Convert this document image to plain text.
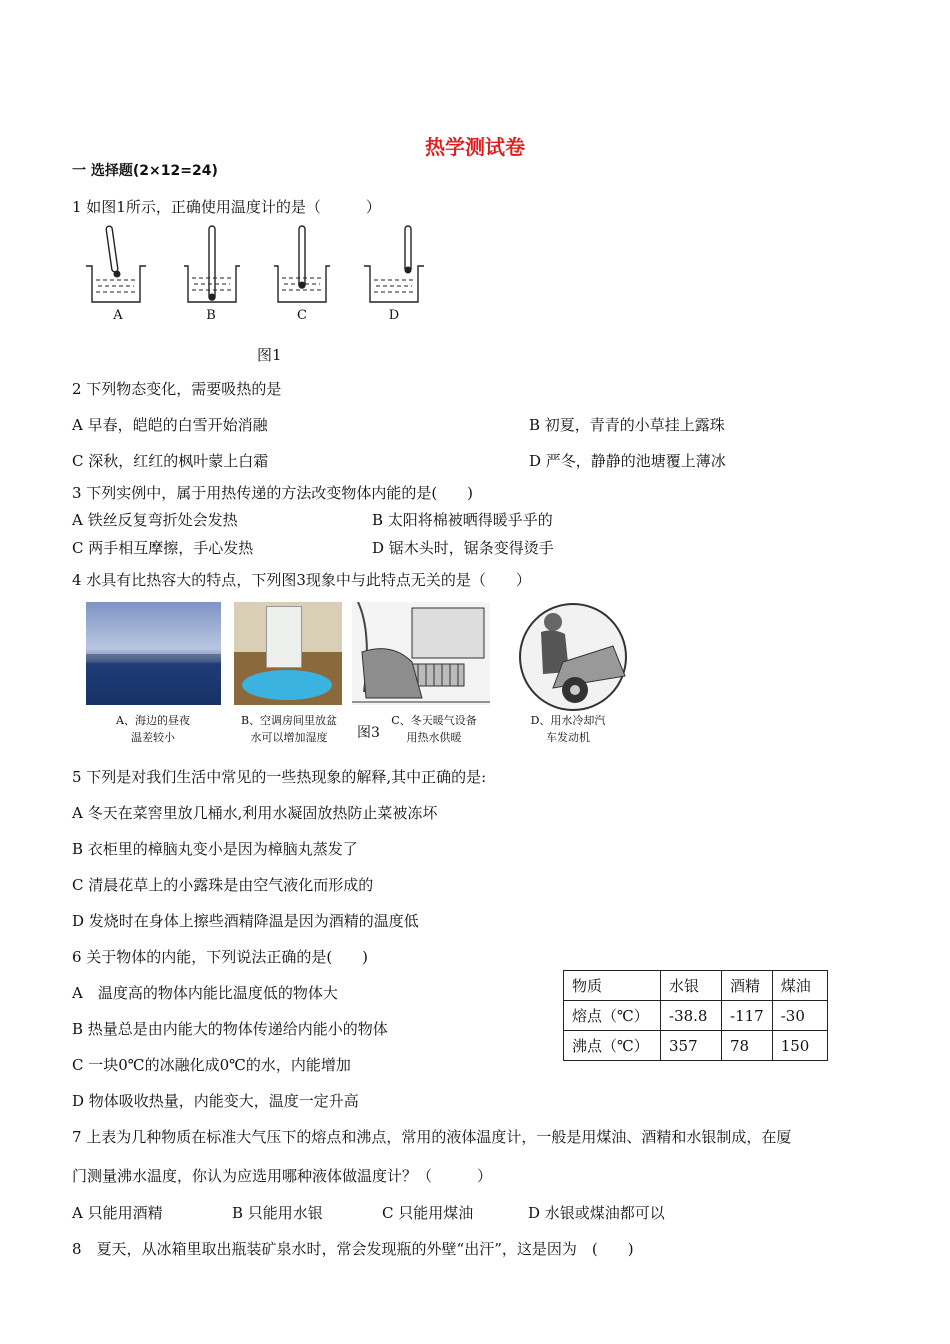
热学测试卷
一 选择题(2×12=24)
1 如图1所示，正确使用温度计的是（　　　）
A	B	C	D
图1
2 下列物态变化，需要吸热的是
A 早春，皑皑的白雪开始消融	B 初夏，青青的小草挂上露珠
C 深秋，红红的枫叶蒙上白霜	D 严冬，静静的池塘覆上薄冰
3 下列实例中，属于用热传递的方法改变物体内能的是(　　)
A 铁丝反复弯折处会发热	B 太阳将棉被晒得暖乎乎的
C 两手相互摩擦，手心发热	D 锯木头时，锯条变得烫手
4 水具有比热容大的特点，下列图3现象中与此特点无关的是（　　）
A、海边的昼夜
温差较小
B、空调房间里放盆
水可以增加湿度	图3
C、冬天暖气设备
用热水供暖
D、用水冷却汽
车发动机
5 下列是对我们生活中常见的一些热现象的解释,其中正确的是:
A 冬天在菜窖里放几桶水,利用水凝固放热防止菜被冻坏
B 衣柜里的樟脑丸变小是因为樟脑丸蒸发了
C 清晨花草上的小露珠是由空气液化而形成的
D 发烧时在身体上擦些酒精降温是因为酒精的温度低
6 关于物体的内能，下列说法正确的是(　　)
A　温度高的物体内能比温度低的物体大
B 热量总是由内能大的物体传递给内能小的物体
C 一块0℃的冰融化成0℃的水，内能增加
D 物体吸收热量，内能变大，温度一定升高
物质	水银	酒精	煤油
熔点（℃）	-38.8	-117	-30
沸点（℃）	357	78	150
7 上表为几种物质在标准大气压下的熔点和沸点，常用的液体温度计，一般是用煤油、酒精和水银制成，在厦
门测量沸水温度，你认为应选用哪种液体做温度计？（　　　）
A 只能用酒精	B 只能用水银	C 只能用煤油	D 水银或煤油都可以
8　夏天，从冰箱里取出瓶装矿泉水时，常会发现瓶的外壁“出汗”，这是因为　(　　)
